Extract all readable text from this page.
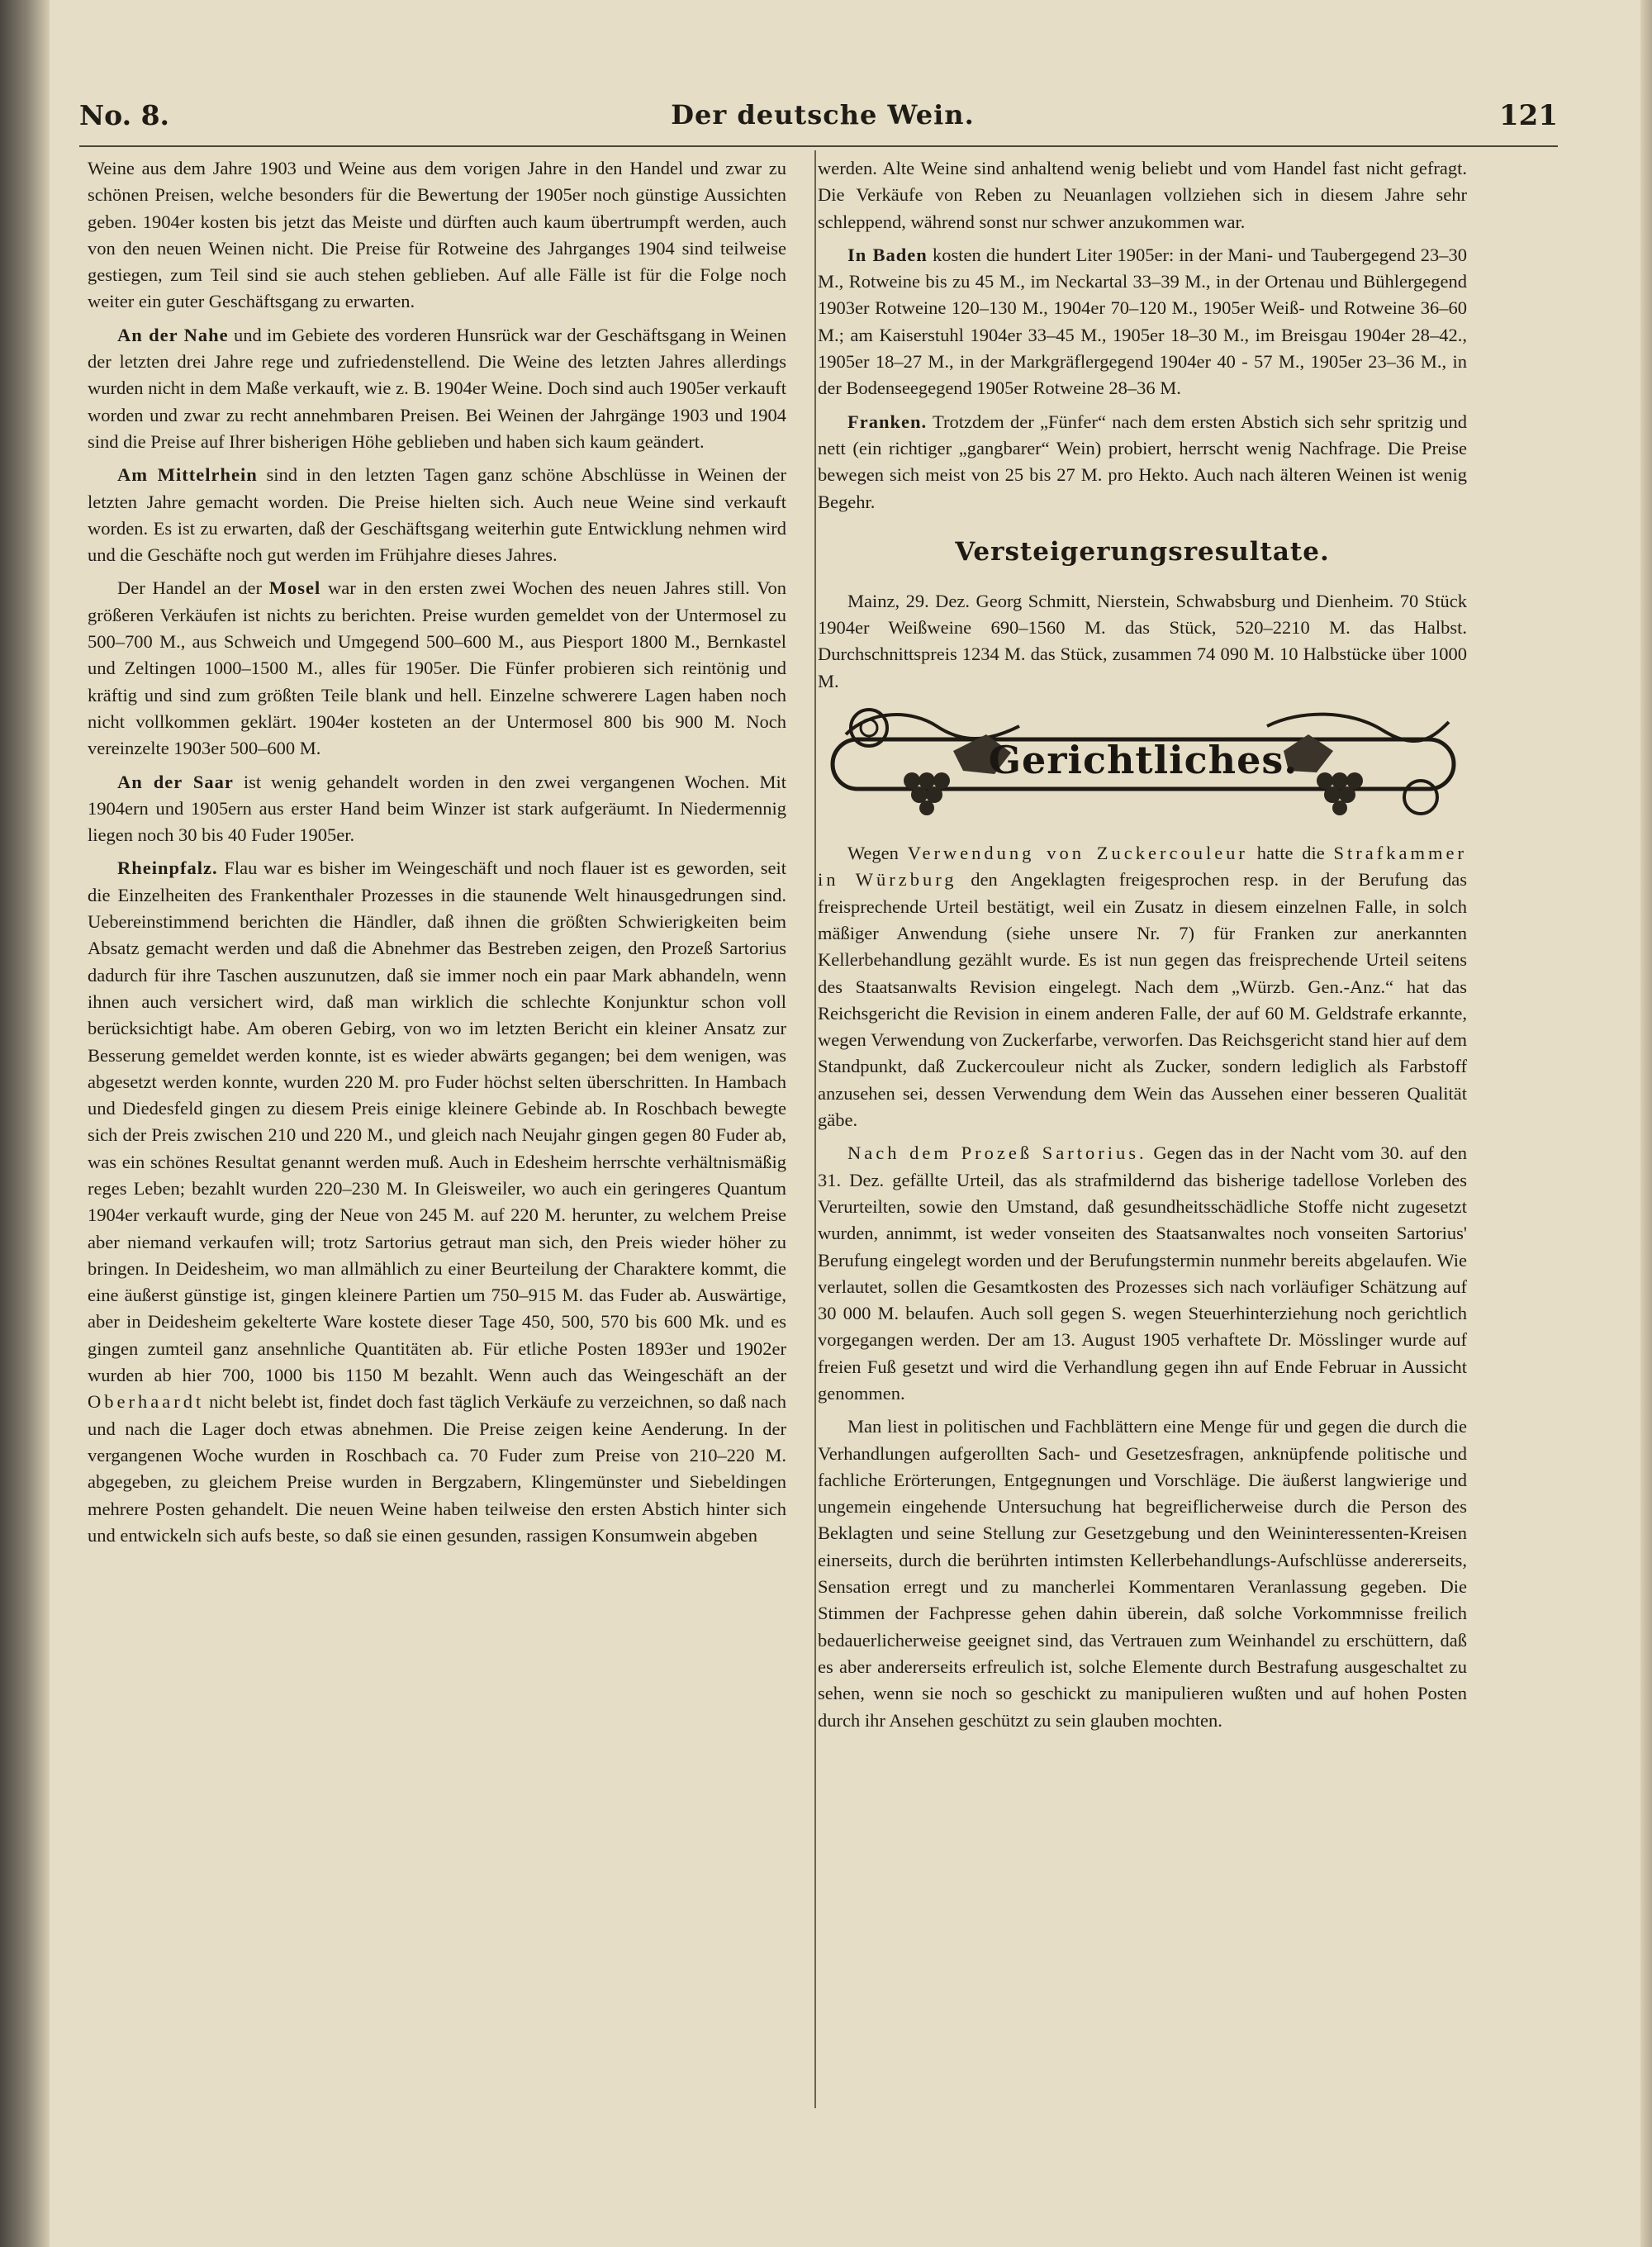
No. 8.	Der deutsche Wein.	121

Weine aus dem Jahre 1903 und Weine aus dem vorigen Jahre in den Handel und zwar zu schönen Preisen, welche besonders für die Bewertung der 1905er noch günstige Aussichten geben. 1904er kosten bis jetzt das Meiste und dürften auch kaum übertrumpft werden, auch von den neuen Weinen nicht. Die Preise für Rotweine des Jahrganges 1904 sind teilweise gestiegen, zum Teil sind sie auch stehen geblieben. Auf alle Fälle ist für die Folge noch weiter ein guter Geschäftsgang zu erwarten.

An der Nahe und im Gebiete des vorderen Hunsrück war der Geschäftsgang in Weinen der letzten drei Jahre rege und zufriedenstellend. Die Weine des letzten Jahres allerdings wurden nicht in dem Maße verkauft, wie z. B. 1904er Weine. Doch sind auch 1905er verkauft worden und zwar zu recht annehmbaren Preisen. Bei Weinen der Jahrgänge 1903 und 1904 sind die Preise auf Ihrer bisherigen Höhe geblieben und haben sich kaum geändert.

Am Mittelrhein sind in den letzten Tagen ganz schöne Abschlüsse in Weinen der letzten Jahre gemacht worden. Die Preise hielten sich. Auch neue Weine sind verkauft worden. Es ist zu erwarten, daß der Geschäftsgang weiterhin gute Entwicklung nehmen wird und die Geschäfte noch gut werden im Frühjahre dieses Jahres.

Der Handel an der Mosel war in den ersten zwei Wochen des neuen Jahres still. Von größeren Verkäufen ist nichts zu berichten. Preise wurden gemeldet von der Untermosel zu 500–700 M., aus Schweich und Umgegend 500–600 M., aus Piesport 1800 M., Bernkastel und Zeltingen 1000–1500 M., alles für 1905er. Die Fünfer probieren sich reintönig und kräftig und sind zum größten Teile blank und hell. Einzelne schwerere Lagen haben noch nicht vollkommen geklärt. 1904er kosteten an der Untermosel 800 bis 900 M. Noch vereinzelte 1903er 500–600 M.

An der Saar ist wenig gehandelt worden in den zwei vergangenen Wochen. Mit 1904ern und 1905ern aus erster Hand beim Winzer ist stark aufgeräumt. In Niedermennig liegen noch 30 bis 40 Fuder 1905er.

Rheinpfalz. Flau war es bisher im Weingeschäft und noch flauer ist es geworden, seit die Einzelheiten des Frankenthaler Prozesses in die staunende Welt hinausgedrungen sind. Uebereinstimmend berichten die Händler, daß ihnen die größten Schwierigkeiten beim Absatz gemacht werden und daß die Abnehmer das Bestreben zeigen, den Prozeß Sartorius dadurch für ihre Taschen auszunutzen, daß sie immer noch ein paar Mark abhandeln, wenn ihnen auch versichert wird, daß man wirklich die schlechte Konjunktur schon voll berücksichtigt habe. Am oberen Gebirg, von wo im letzten Bericht ein kleiner Ansatz zur Besserung gemeldet werden konnte, ist es wieder abwärts gegangen; bei dem wenigen, was abgesetzt werden konnte, wurden 220 M. pro Fuder höchst selten überschritten. In Hambach und Diedesfeld gingen zu diesem Preis einige kleinere Gebinde ab. In Roschbach bewegte sich der Preis zwischen 210 und 220 M., und gleich nach Neujahr gingen gegen 80 Fuder ab, was ein schönes Resultat genannt werden muß. Auch in Edesheim herrschte verhältnismäßig reges Leben; bezahlt wurden 220–230 M. In Gleisweiler, wo auch ein geringeres Quantum 1904er verkauft wurde, ging der Neue von 245 M. auf 220 M. herunter, zu welchem Preise aber niemand verkaufen will; trotz Sartorius getraut man sich, den Preis wieder höher zu bringen. In Deidesheim, wo man allmählich zu einer Beurteilung der Charaktere kommt, die eine äußerst günstige ist, gingen kleinere Partien um 750–915 M. das Fuder ab. Auswärtige, aber in Deidesheim gekelterte Ware kostete dieser Tage 450, 500, 570 bis 600 Mk. und es gingen zumteil ganz ansehnliche Quantitäten ab. Für etliche Posten 1893er und 1902er wurden ab hier 700, 1000 bis 1150 M bezahlt. Wenn auch das Weingeschäft an der Oberhaardt nicht belebt ist, findet doch fast täglich Verkäufe zu verzeichnen, so daß nach und nach die Lager doch etwas abnehmen. Die Preise zeigen keine Aenderung. In der vergangenen Woche wurden in Roschbach ca. 70 Fuder zum Preise von 210–220 M. abgegeben, zu gleichem Preise wurden in Bergzabern, Klingemünster und Siebeldingen mehrere Posten gehandelt. Die neuen Weine haben teilweise den ersten Abstich hinter sich und entwickeln sich aufs beste, so daß sie einen gesunden, rassigen Konsumwein abgeben

werden. Alte Weine sind anhaltend wenig beliebt und vom Handel fast nicht gefragt. Die Verkäufe von Reben zu Neuanlagen vollziehen sich in diesem Jahre sehr schleppend, während sonst nur schwer anzukommen war.

In Baden kosten die hundert Liter 1905er: in der Mani- und Taubergegend 23–30 M., Rotweine bis zu 45 M., im Neckartal 33–39 M., in der Ortenau und Bühlergegend 1903er Rotweine 120–130 M., 1904er 70–120 M., 1905er Weiß- und Rotweine 36–60 M.; am Kaiserstuhl 1904er 33–45 M., 1905er 18–30 M., im Breisgau 1904er 28–42., 1905er 18–27 M., in der Markgräflergegend 1904er 40 - 57 M., 1905er 23–36 M., in der Bodenseegegend 1905er Rotweine 28–36 M.

Franken. Trotzdem der „Fünfer“ nach dem ersten Abstich sich sehr spritzig und nett (ein richtiger „gangbarer“ Wein) probiert, herrscht wenig Nachfrage. Die Preise bewegen sich meist von 25 bis 27 M. pro Hekto. Auch nach älteren Weinen ist wenig Begehr.

Versteigerungsresultate.

Mainz, 29. Dez. Georg Schmitt, Nierstein, Schwabsburg und Dienheim. 70 Stück 1904er Weißweine 690–1560 M. das Stück, 520–2210 M. das Halbst. Durchschnittspreis 1234 M. das Stück, zusammen 74 090 M. 10 Halbstücke über 1000 M.

Gerichtliches.

Wegen Verwendung von Zuckercouleur hatte die Strafkammer in Würzburg den Angeklagten freigesprochen resp. in der Berufung das freisprechende Urteil bestätigt, weil ein Zusatz in diesem einzelnen Falle, in solch mäßiger Anwendung (siehe unsere Nr. 7) für Franken zur anerkannten Kellerbehandlung gezählt wurde. Es ist nun gegen das freisprechende Urteil seitens des Staatsanwalts Revision eingelegt. Nach dem „Würzb. Gen.-Anz.“ hat das Reichsgericht die Revision in einem anderen Falle, der auf 60 M. Geldstrafe erkannte, wegen Verwendung von Zuckerfarbe, verworfen. Das Reichsgericht stand hier auf dem Standpunkt, daß Zuckercouleur nicht als Zucker, sondern lediglich als Farbstoff anzusehen sei, dessen Verwendung dem Wein das Aussehen einer besseren Qualität gäbe.

Nach dem Prozeß Sartorius. Gegen das in der Nacht vom 30. auf den 31. Dez. gefällte Urteil, das als strafmildernd das bisherige tadellose Vorleben des Verurteilten, sowie den Umstand, daß gesundheitsschädliche Stoffe nicht zugesetzt wurden, annimmt, ist weder vonseiten des Staatsanwaltes noch vonseiten Sartorius' Berufung eingelegt worden und der Berufungstermin nunmehr bereits abgelaufen. Wie verlautet, sollen die Gesamtkosten des Prozesses sich nach vorläufiger Schätzung auf 30 000 M. belaufen. Auch soll gegen S. wegen Steuerhinterziehung noch gerichtlich vorgegangen werden. Der am 13. August 1905 verhaftete Dr. Mösslinger wurde auf freien Fuß gesetzt und wird die Verhandlung gegen ihn auf Ende Februar in Aussicht genommen.

Man liest in politischen und Fachblättern eine Menge für und gegen die durch die Verhandlungen aufgerollten Sach- und Gesetzesfragen, anknüpfende politische und fachliche Erörterungen, Entgegnungen und Vorschläge. Die äußerst langwierige und ungemein eingehende Untersuchung hat begreiflicherweise durch die Person des Beklagten und seine Stellung zur Gesetzgebung und den Weininteressenten-Kreisen einerseits, durch die berührten intimsten Kellerbehandlungs-Aufschlüsse andererseits, Sensation erregt und zu mancherlei Kommentaren Veranlassung gegeben. Die Stimmen der Fachpresse gehen dahin überein, daß solche Vorkommnisse freilich bedauerlicherweise geeignet sind, das Vertrauen zum Weinhandel zu erschüttern, daß es aber andererseits erfreulich ist, solche Elemente durch Bestrafung ausgeschaltet zu sehen, wenn sie noch so geschickt zu manipulieren wußten und auf hohen Posten durch ihr Ansehen geschützt zu sein glauben mochten.
